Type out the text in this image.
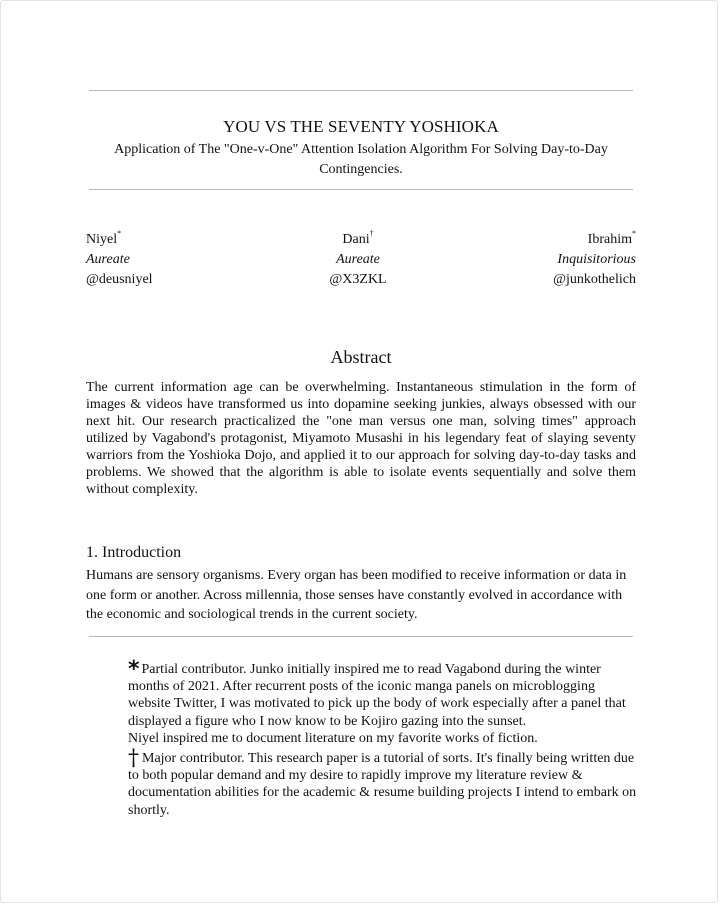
YOU VS THE SEVENTY YOSHIOKA
Application of The "One-v-One" Attention Isolation Algorithm For Solving Day-to-Day Contingencies.
Niyel*
Aureate
@deusniyel
Dani†
Aureate
@X3ZKL
Ibrahim*
Inquisitorious
@junkothelich
Abstract

The current information age can be overwhelming. Instantaneous stimulation in the form of images & videos have transformed us into dopamine seeking junkies, always obsessed with our next hit. Our research practicalized the "one man versus one man, solving times" approach utilized by Vagabond's protagonist, Miyamoto Musashi in his legendary feat of slaying seventy warriors from the Yoshioka Dojo, and applied it to our approach for solving day-to-day tasks and problems. We showed that the algorithm is able to isolate events sequentially and solve them without complexity.

1. Introduction

Humans are sensory organisms. Every organ has been modified to receive information or data in one form or another. Across millennia, those senses have constantly evolved in accordance with the economic and sociological trends in the current society.

* Partial contributor. Junko initially inspired me to read Vagabond during the winter months of 2021. After recurrent posts of the iconic manga panels on microblogging website Twitter, I was motivated to pick up the body of work especially after a panel that displayed a figure who I now know to be Kojiro gazing into the sunset.
Niyel inspired me to document literature on my favorite works of fiction.

† Major contributor. This research paper is a tutorial of sorts. It's finally being written due to both popular demand and my desire to rapidly improve my literature review & documentation abilities for the academic & resume building projects I intend to embark on shortly.
